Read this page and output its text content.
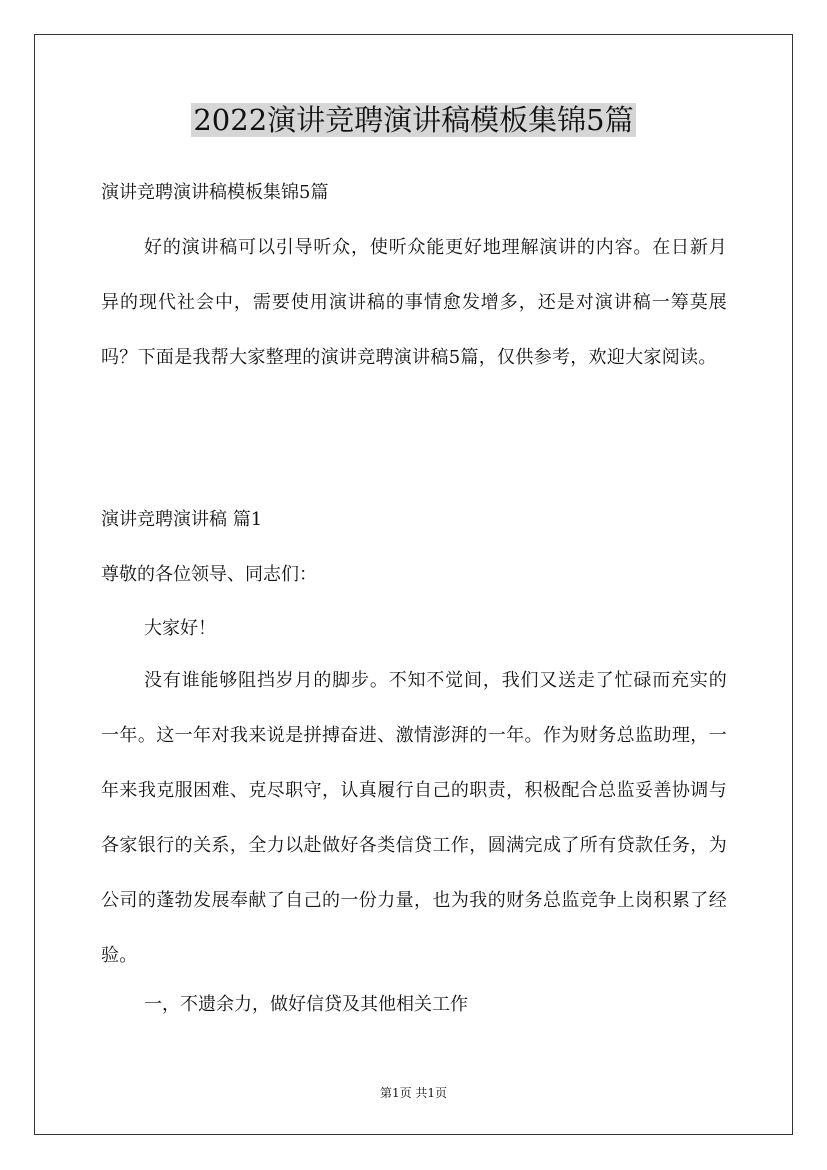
2022演讲竞聘演讲稿模板集锦5篇
演讲竞聘演讲稿模板集锦5篇
好的演讲稿可以引导听众，使听众能更好地理解演讲的内容。在日新月异的现代社会中，需要使用演讲稿的事情愈发增多，还是对演讲稿一筹莫展吗？下面是我帮大家整理的演讲竞聘演讲稿5篇，仅供参考，欢迎大家阅读。
演讲竞聘演讲稿 篇1
尊敬的各位领导、同志们：
大家好！
没有谁能够阻挡岁月的脚步。不知不觉间，我们又送走了忙碌而充实的一年。这一年对我来说是拼搏奋进、激情澎湃的一年。作为财务总监助理，一年来我克服困难、克尽职守，认真履行自己的职责，积极配合总监妥善协调与各家银行的关系，全力以赴做好各类信贷工作，圆满完成了所有贷款任务，为公司的蓬勃发展奉献了自己的一份力量，也为我的财务总监竞争上岗积累了经验。
一，不遗余力，做好信贷及其他相关工作
第1页 共1页
